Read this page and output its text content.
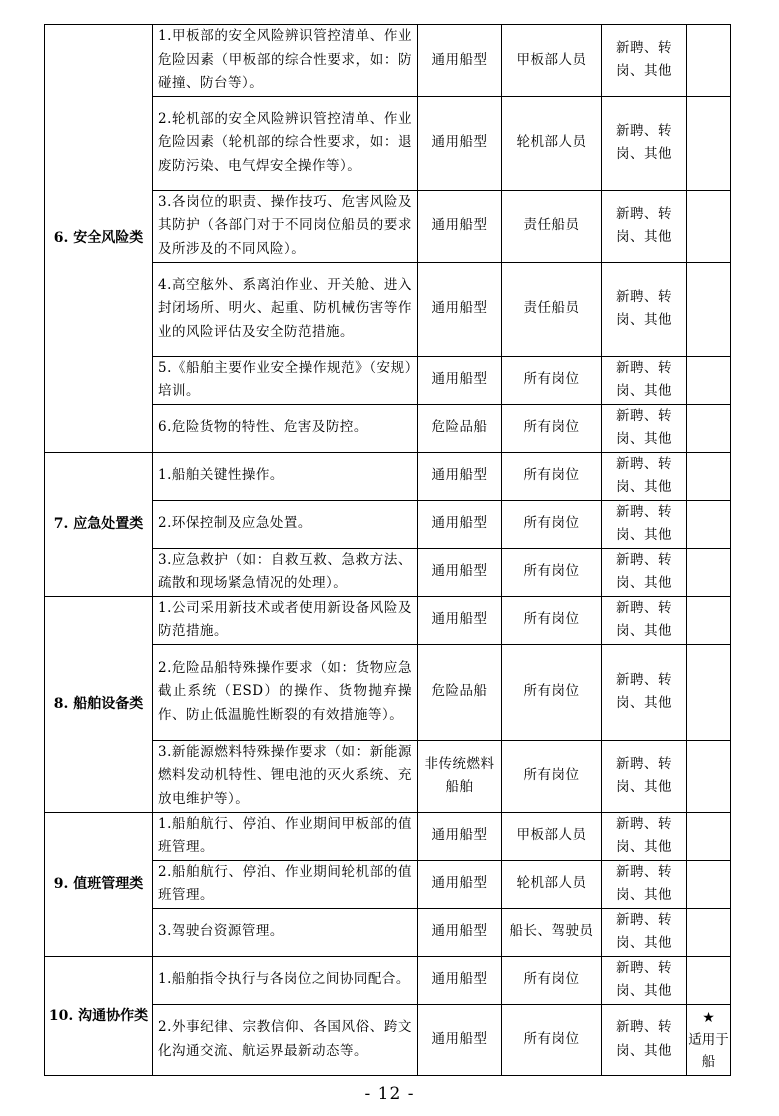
6. 安全风险类	1.甲板部的安全风险辨识管控清单、作业危险因素（甲板部的综合性要求，如：防碰撞、防台等）。	通用船型	甲板部人员	新聘、转岗、其他	
	2.轮机部的安全风险辨识管控清单、作业危险因素（轮机部的综合性要求，如：退废防污染、电气焊安全操作等）。	通用船型	轮机部人员	新聘、转岗、其他	
	3.各岗位的职责、操作技巧、危害风险及其防护（各部门对于不同岗位船员的要求及所涉及的不同风险）。	通用船型	责任船员	新聘、转岗、其他	
	4.高空舷外、系离泊作业、开关舱、进入封闭场所、明火、起重、防机械伤害等作业的风险评估及安全防范措施。	通用船型	责任船员	新聘、转岗、其他	
	5.《船舶主要作业安全操作规范》（安规）培训。	通用船型	所有岗位	新聘、转岗、其他	
	6.危险货物的特性、危害及防控。	危险品船	所有岗位	新聘、转岗、其他	
7. 应急处置类	1.船舶关键性操作。	通用船型	所有岗位	新聘、转岗、其他	
	2.环保控制及应急处置。	通用船型	所有岗位	新聘、转岗、其他	
	3.应急救护（如：自救互救、急救方法、疏散和现场紧急情况的处理）。	通用船型	所有岗位	新聘、转岗、其他	
8. 船舶设备类	1.公司采用新技术或者使用新设备风险及防范措施。	通用船型	所有岗位	新聘、转岗、其他	
	2.危险品船特殊操作要求（如：货物应急截止系统（ESD）的操作、货物抛弃操作、防止低温脆性断裂的有效措施等）。	危险品船	所有岗位	新聘、转岗、其他	
	3.新能源燃料特殊操作要求（如：新能源燃料发动机特性、锂电池的灭火系统、充放电维护等）。	非传统燃料船舶	所有岗位	新聘、转岗、其他	
9. 值班管理类	1.船舶航行、停泊、作业期间甲板部的值班管理。	通用船型	甲板部人员	新聘、转岗、其他	
	2.船舶航行、停泊、作业期间轮机部的值班管理。	通用船型	轮机部人员	新聘、转岗、其他	
	3.驾驶台资源管理。	通用船型	船长、驾驶员	新聘、转岗、其他	
10. 沟通协作类	1.船舶指令执行与各岗位之间协同配合。	通用船型	所有岗位	新聘、转岗、其他	
	2.外事纪律、宗教信仰、各国风俗、跨文化沟通交流、航运界最新动态等。	通用船型	所有岗位	新聘、转岗、其他	★
适用于船
- 12 -
